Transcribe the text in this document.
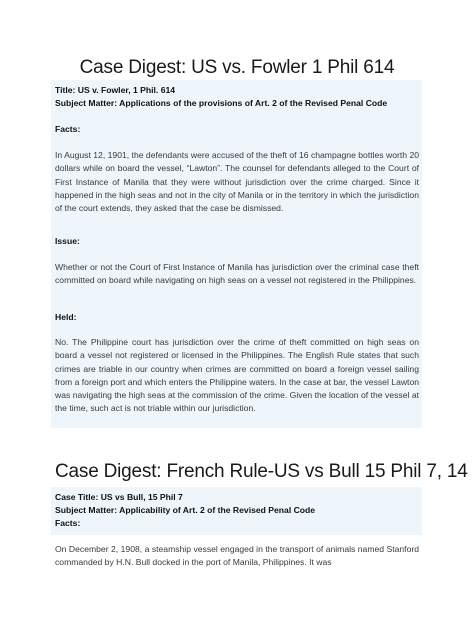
Case Digest: US vs. Fowler 1 Phil 614

Title: US v. Fowler, 1 Phil. 614

Subject Matter: Applications of the provisions of Art. 2 of the Revised Penal Code

Facts:

In August 12, 1901, the defendants were accused of the theft of 16 champagne bottles worth 20 dollars while on board the vessel, “Lawton”. The counsel for defendants alleged to the Court of First Instance of Manila that they were without jurisdiction over the crime charged. Since it happened in the high seas and not in the city of Manila or in the territory in which the jurisdiction of the court extends, they asked that the case be dismissed.

Issue:

Whether or not the Court of First Instance of Manila has jurisdiction over the criminal case theft committed on board while navigating on high seas on a vessel not registered in the Philippines.

Held:

No. The Philippine court has jurisdiction over the crime of theft committed on high seas on board a vessel not registered or licensed in the Philippines. The English Rule states that such crimes are triable in our country when crimes are committed on board a foreign vessel sailing from a foreign port and which enters the Philippine waters. In the case at bar, the vessel Lawton was navigating the high seas at the commission of the crime. Given the location of the vessel at the time, such act is not triable within our jurisdiction.

Case Digest: French Rule-US vs Bull 15 Phil 7, 14

Case Title: US vs Bull, 15 Phil 7

Subject Matter: Applicability of Art. 2 of the Revised Penal Code

Facts:

On December 2, 1908, a steamship vessel engaged in the transport of animals named Stanford commanded by H.N. Bull docked in the port of Manila, Philippines. It was
